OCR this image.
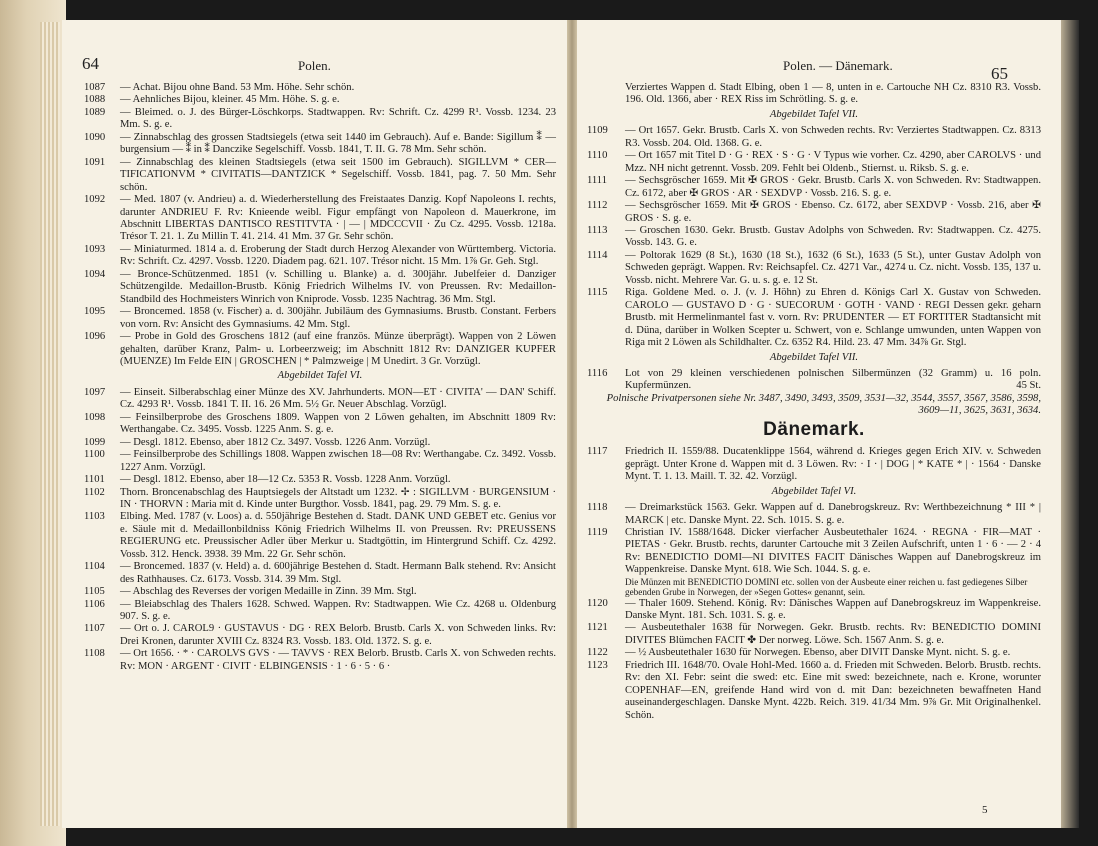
64	Polen.
1087	— Achat. Bijou ohne Band. 53 Mm. Höhe. Sehr schön.
1088	— Aehnliches Bijou, kleiner. 45 Mm. Höhe. S. g. e.
1089	— Bleimed. o. J. des Bürger-Löschkorps. Stadtwappen. Rv: Schrift. Cz. 4299 R¹. Vossb. 1234. 23 Mm. S. g. e.
1090	— Zinnabschlag des grossen Stadtsiegels (etwa seit 1440 im Gebrauch). Auf e. Bande: Sigillum ⁑ — burgensium — ⁑ in ⁑ Danczike Segelschiff. Vossb. 1841, T. II. G. 78 Mm. Sehr schön.
1091	— Zinnabschlag des kleinen Stadtsiegels (etwa seit 1500 im Gebrauch). SIGILLVM * CER—TIFICATIONVM * CIVITATIS—DANTZICK * Segelschiff. Vossb. 1841, pag. 7. 50 Mm. Sehr schön.
1092	— Med. 1807 (v. Andrieu) a. d. Wiederherstellung des Freistaates Danzig. Kopf Napoleons I. rechts, darunter ANDRIEU F. Rv: Knieende weibl. Figur empfängt von Napoleon d. Mauerkrone, im Abschnitt LIBERTAS DANTISCO RESTITVTA · | — | MDCCCVII · Zu Cz. 4295. Vossb. 1218a. Trésor T. 21. 1. Zu Millin T. 41. 214. 41 Mm. 37 Gr. Sehr schön.
1093	— Miniaturmed. 1814 a. d. Eroberung der Stadt durch Herzog Alexander von Württemberg. Victoria. Rv: Schrift. Cz. 4297. Vossb. 1220. Diadem pag. 621. 107. Trésor nicht. 15 Mm. 1⅞ Gr. Geh. Stgl.
1094	— Bronce-Schützenmed. 1851 (v. Schilling u. Blanke) a. d. 300jähr. Jubelfeier d. Danziger Schützengilde. Medaillon-Brustb. König Friedrich Wilhelms IV. von Preussen. Rv: Medaillon-Standbild des Hochmeisters Winrich von Kniprode. Vossb. 1235 Nachtrag. 36 Mm. Stgl.
1095	— Broncemed. 1858 (v. Fischer) a. d. 300jähr. Jubiläum des Gymnasiums. Brustb. Constant. Ferbers von vorn. Rv: Ansicht des Gymnasiums. 42 Mm. Stgl.
1096	— Probe in Gold des Groschens 1812 (auf eine französ. Münze überprägt). Wappen von 2 Löwen gehalten, darüber Kranz, Palm- u. Lorbeerzweig; im Abschnitt 1812 Rv: DANZIGER KUPFER (MUENZE) Im Felde EIN | GROSCHEN | * Palmzweige | M Unedirt. 3 Gr. Vorzügl.
Abgebildet Tafel VI.
1097	— Einseit. Silberabschlag einer Münze des XV. Jahrhunderts. MON—ET · CIVITA' — DAN' Schiff. Cz. 4293 R¹. Vossb. 1841 T. II. 16. 26 Mm. 5½ Gr. Neuer Abschlag. Vorzügl.
1098	— Feinsilberprobe des Groschens 1809. Wappen von 2 Löwen gehalten, im Abschnitt 1809 Rv: Werthangabe. Cz. 3495. Vossb. 1225 Anm. S. g. e.
1099	— Desgl. 1812. Ebenso, aber 1812 Cz. 3497. Vossb. 1226 Anm. Vorzügl.
1100	— Feinsilberprobe des Schillings 1808. Wappen zwischen 18—08 Rv: Werthangabe. Cz. 3492. Vossb. 1227 Anm. Vorzügl.
1101	— Desgl. 1812. Ebenso, aber 18—12 Cz. 5353 R. Vossb. 1228 Anm. Vorzügl.
1102	Thorn. Broncenabschlag des Hauptsiegels der Altstadt um 1232. ✢ : SIGILLVM · BURGENSIUM · IN · THORVN : Maria mit d. Kinde unter Burgthor. Vossb. 1841, pag. 29. 79 Mm. S. g. e.
1103	Elbing. Med. 1787 (v. Loos) a. d. 550jährige Bestehen d. Stadt. DANK UND GEBET etc. Genius vor e. Säule mit d. Medaillonbildniss König Friedrich Wilhelms II. von Preussen. Rv: PREUSSENS REGIERUNG etc. Preussischer Adler über Merkur u. Stadtgöttin, im Hintergrund Schiff. Cz. 4292. Vossb. 312. Henck. 3938. 39 Mm. 22 Gr. Sehr schön.
1104	— Broncemed. 1837 (v. Held) a. d. 600jährige Bestehen d. Stadt. Hermann Balk stehend. Rv: Ansicht des Rathhauses. Cz. 6173. Vossb. 314. 39 Mm. Stgl.
1105	— Abschlag des Reverses der vorigen Medaille in Zinn. 39 Mm. Stgl.
1106	— Bleiabschlag des Thalers 1628. Schwed. Wappen. Rv: Stadtwappen. Wie Cz. 4268 u. Oldenburg 907. S. g. e.
1107	— Ort o. J. CAROL9 · GUSTAVUS · DG · REX Belorb. Brustb. Carls X. von Schweden links. Rv: Drei Kronen, darunter XVIII Cz. 8324 R3. Vossb. 183. Old. 1372. S. g. e.
1108	— Ort 1656. · * · CAROLVS GVS · — TAVVS · REX Belorb. Brustb. Carls X. von Schweden rechts. Rv: MON · ARGENT · CIVIT · ELBINGENSIS · 1 · 6 · 5 · 6 ·
Polen. — Dänemark.	65
Verziertes Wappen d. Stadt Elbing, oben 1 — 8, unten in e. Cartouche NH Cz. 8310 R3. Vossb. 196. Old. 1366, aber · REX Riss im Schrötling. S. g. e.
Abgebildet Tafel VII.
1109	— Ort 1657. Gekr. Brustb. Carls X. von Schweden rechts. Rv: Verziertes Stadtwappen. Cz. 8313 R3. Vossb. 204. Old. 1368. G. e.
1110	— Ort 1657 mit Titel D · G · REX · S · G · V Typus wie vorher. Cz. 4290, aber CAROLVS · und Mzz. NH nicht getrennt. Vossb. 209. Fehlt bei Oldenb., Stiernst. u. Riksb. S. g. e.
1111	— Sechsgröscher 1659. Mit ✠ GROS · Gekr. Brustb. Carls X. von Schweden. Rv: Stadtwappen. Cz. 6172, aber ✠ GROS · AR · SEXDVP · Vossb. 216. S. g. e.
1112	— Sechsgröscher 1659. Mit ✠ GROS · Ebenso. Cz. 6172, aber SEXDVP · Vossb. 216, aber ✠ GROS · S. g. e.
1113	— Groschen 1630. Gekr. Brustb. Gustav Adolphs von Schweden. Rv: Stadtwappen. Cz. 4275. Vossb. 143. G. e.
1114	— Poltorak 1629 (8 St.), 1630 (18 St.), 1632 (6 St.), 1633 (5 St.), unter Gustav Adolph von Schweden geprägt. Wappen. Rv: Reichsapfel. Cz. 4271 Var., 4274 u. Cz. nicht. Vossb. 135, 137 u. Vossb. nicht. Mehrere Var. G. u. s. g. e. 12 St.
1115	Riga. Goldene Med. o. J. (v. J. Höhn) zu Ehren d. Königs Carl X. Gustav von Schweden. CAROLO — GUSTAVO D · G · SUECORUM · GOTH · VAND · REGI Dessen gekr. geharn Brustb. mit Hermelinmantel fast v. vorn. Rv: PRUDENTER — ET FORTITER Stadtansicht mit d. Düna, darüber in Wolken Scepter u. Schwert, von e. Schlange umwunden, unten Wappen von Riga mit 2 Löwen als Schildhalter. Cz. 6352 R4. Hild. 23. 47 Mm. 34⅞ Gr. Stgl.
Abgebildet Tafel VII.
1116	Lot von 29 kleinen verschiedenen polnischen Silbermünzen (32 Gramm) u. 16 poln. Kupfermünzen.	45 St.
Polnische Privatpersonen siehe Nr. 3487, 3490, 3493, 3509, 3531—32, 3544, 3557, 3567, 3586, 3598, 3609—11, 3625, 3631, 3634.
Dänemark.
1117	Friedrich II. 1559/88. Ducatenklippe 1564, während d. Krieges gegen Erich XIV. v. Schweden geprägt. Unter Krone d. Wappen mit d. 3 Löwen. Rv: · I · | DOG | * KATE * | · 1564 · Danske Mynt. T. 1. 13. Maill. T. 32. 42. Vorzügl.
Abgebildet Tafel VI.
1118	— Dreimarkstück 1563. Gekr. Wappen auf d. Danebrogskreuz. Rv: Werthbezeichnung * III * | MARCK | etc. Danske Mynt. 22. Sch. 1015. S. g. e.
1119	Christian IV. 1588/1648. Dicker vierfacher Ausbeutethaler 1624. · REGNA · FIR—MAT · PIETAS · Gekr. Brustb. rechts, darunter Cartouche mit 3 Zeilen Aufschrift, unten 1 · 6 · — 2 · 4 Rv: BENEDICTIO DOMI—NI DIVITES FACIT Dänisches Wappen auf Danebrogskreuz im Wappenkreise. Danske Mynt. 618. Wie Sch. 1044. S. g. e.
Die Münzen mit BENEDICTIO DOMINI etc. sollen von der Ausbeute einer reichen u. fast gediegenes Silber gebenden Grube in Norwegen, der »Segen Gottes« genannt, sein.
1120	— Thaler 1609. Stehend. König. Rv: Dänisches Wappen auf Danebrogskreuz im Wappenkreise. Danske Mynt. 181. Sch. 1031. S. g. e.
1121	— Ausbeutethaler 1638 für Norwegen. Gekr. Brustb. rechts. Rv: BENEDICTIO DOMINI DIVITES Blümchen FACIT ✤ Der norweg. Löwe. Sch. 1567 Anm. S. g. e.
1122	— ½ Ausbeutethaler 1630 für Norwegen. Ebenso, aber DIVIT Danske Mynt. nicht. S. g. e.
1123	Friedrich III. 1648/70. Ovale Hohl-Med. 1660 a. d. Frieden mit Schweden. Belorb. Brustb. rechts. Rv: den XI. Febr: seint die swed: etc. Eine mit swed: bezeichnete, nach e. Krone, worunter COPENHAF—EN, greifende Hand wird von d. mit Dan: bezeichneten bewaffneten Hand auseinandergeschlagen. Danske Mynt. 422b. Reich. 319. 41/34 Mm. 9⅞ Gr. Mit Originalhenkel. Schön.
5
